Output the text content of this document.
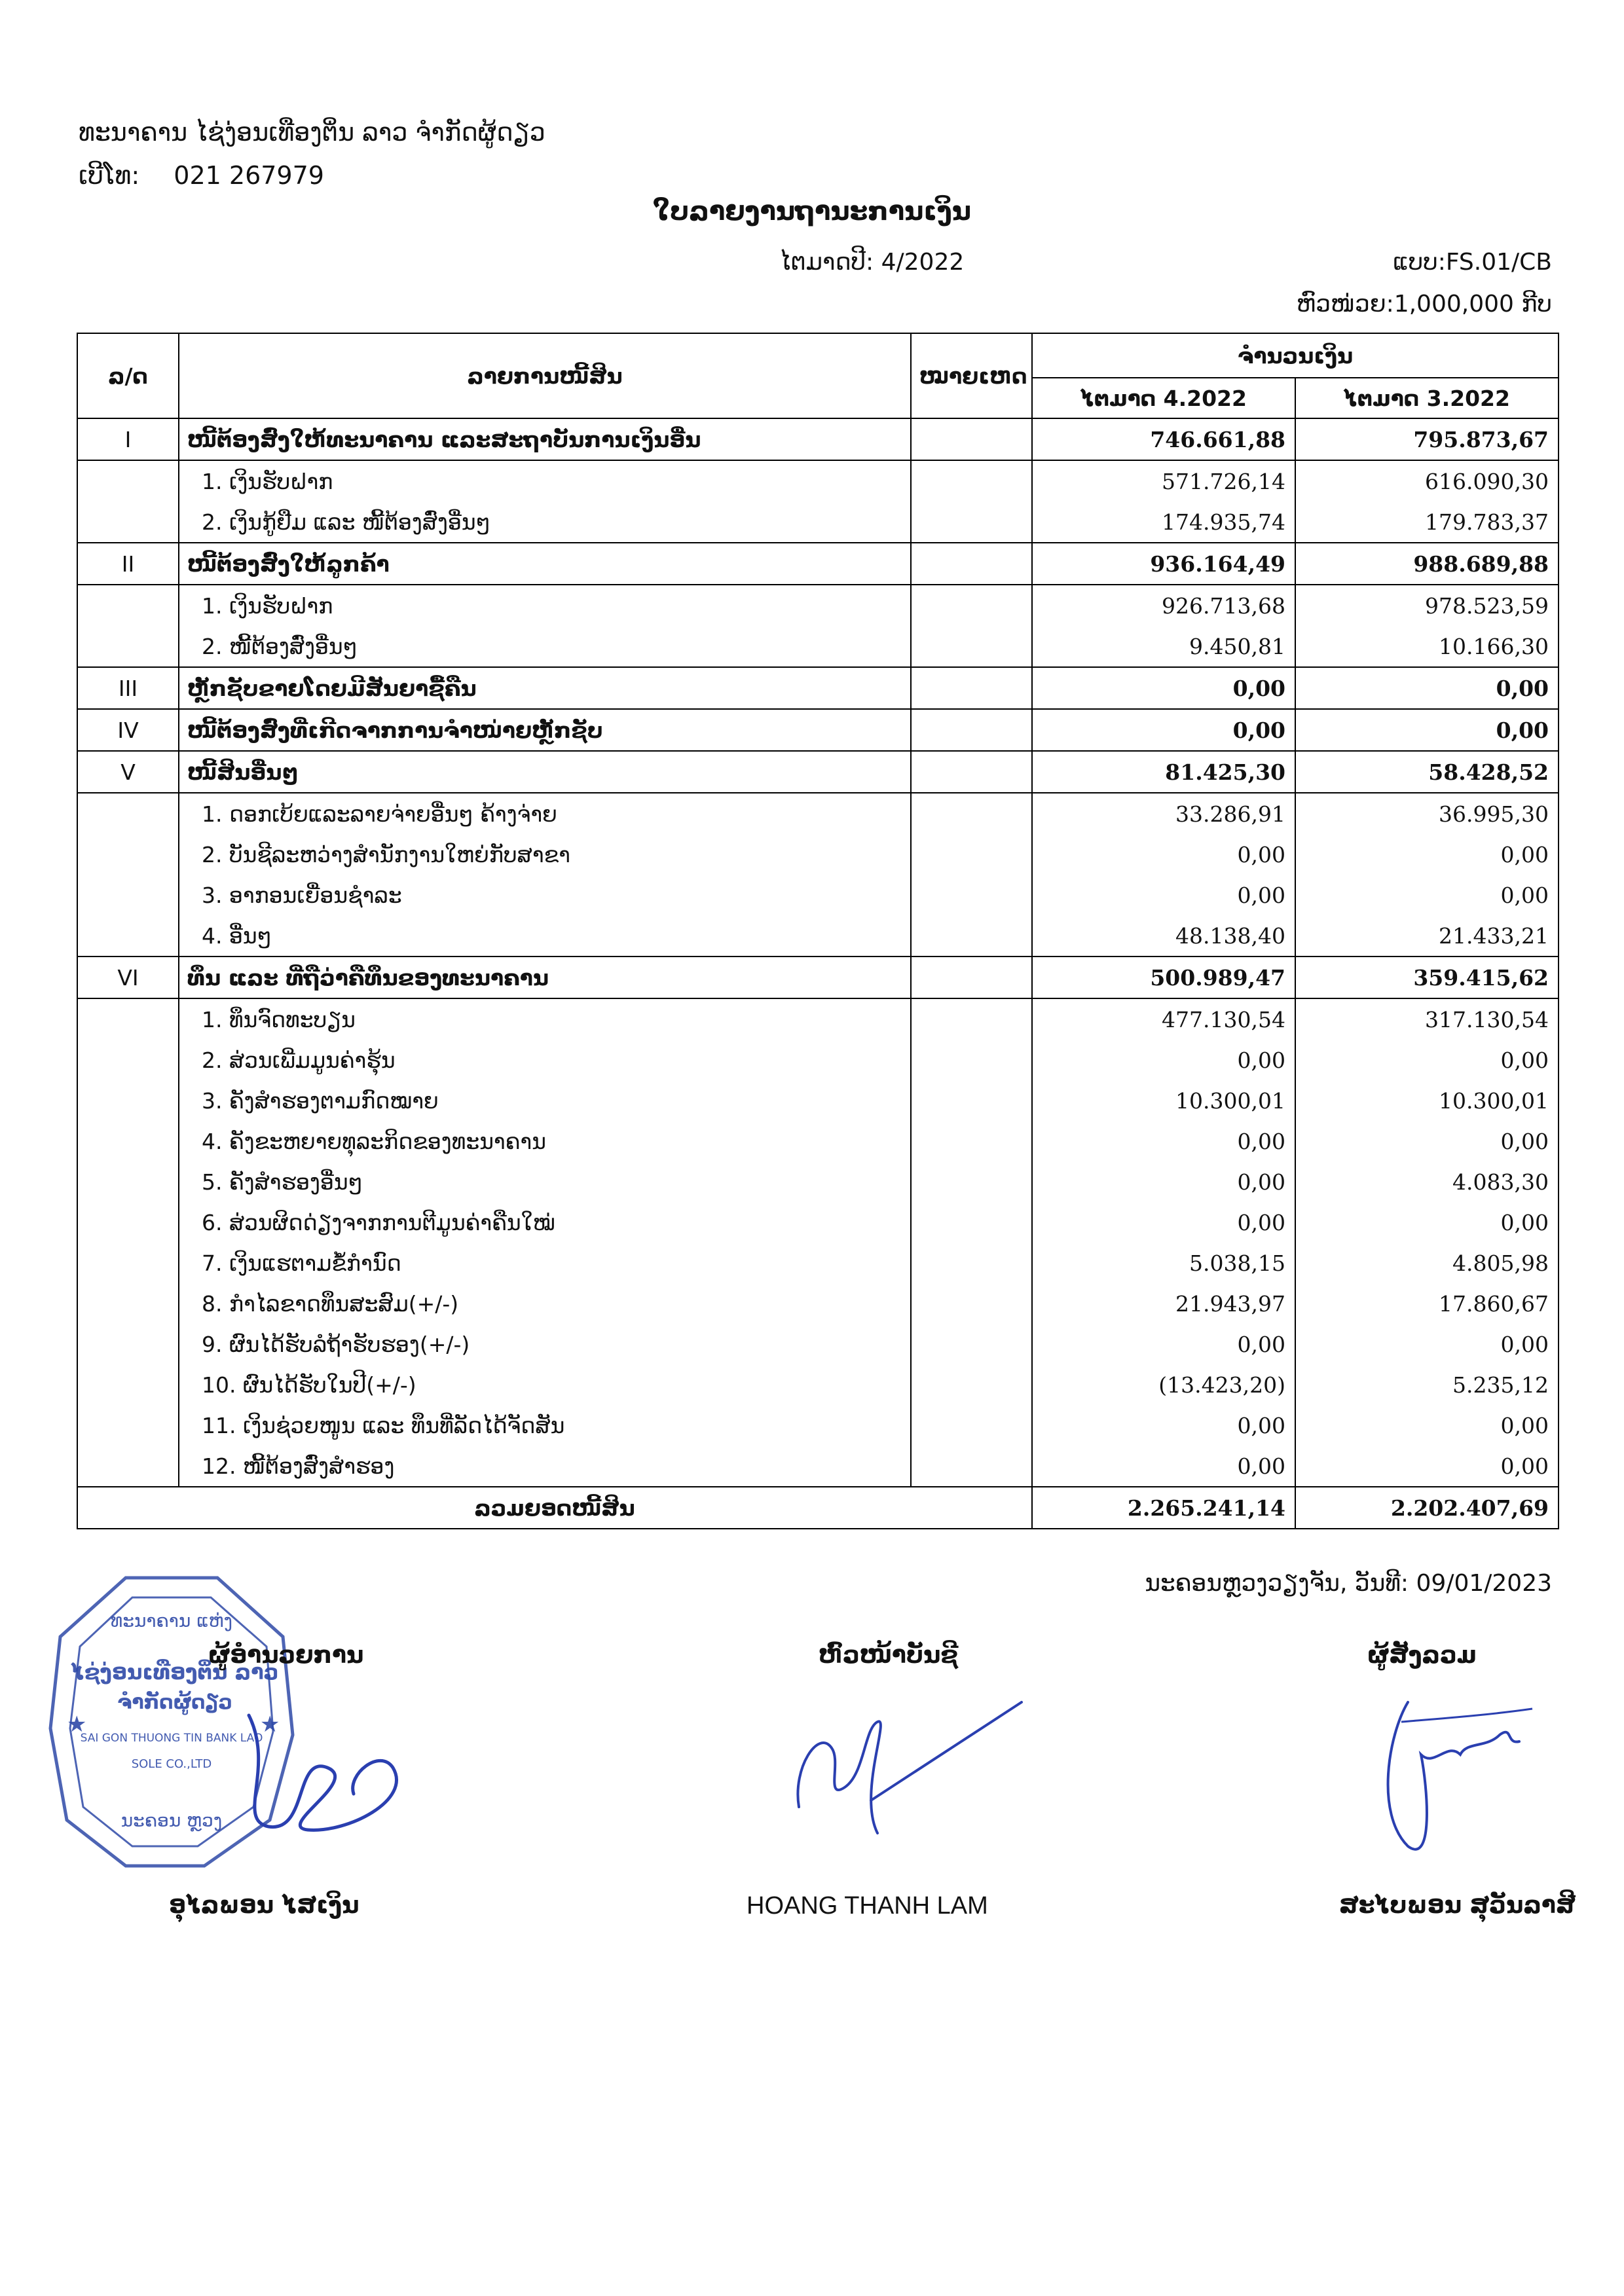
ທະນາຄານ ໄຊ່ງ່ອນເທືອງຕິ່ນ ລາວ ຈຳກັດຜູ້ດຽວ
ເບີໂທ: 021 267979
ໃບລາຍງານຖານະການເງິນ
ໄຕມາດປີ: 4/2022	ແບບ:FS.01/CB
ຫົວໜ່ວຍ:1,000,000 ກີບ
ລ/ດ	ລາຍການໜີ້ສິນ	ໝາຍເຫດ	ຈຳນວນເງິນ	
			ໄຕມາດ 4.2022	ໄຕມາດ 3.2022
I	ໜີ້ຕ້ອງສົ່ງໃຫ້ທະນາຄານ ແລະສະຖາບັນການເງິນອື່ນ		746.661,88	795.873,67
	1. ເງິນຮັບຝາກ		571.726,14	616.090,30
	2. ເງິນກູ້ຢືມ ແລະ ໜີ້ຕ້ອງສົ່ງອື່ນໆ		174.935,74	179.783,37
II	ໜີ້ຕ້ອງສົ່ງໃຫ້ລູກຄ້າ		936.164,49	988.689,88
	1. ເງິນຮັບຝາກ		926.713,68	978.523,59
	2. ໜີ້ຕ້ອງສົ່ງອື່ນໆ		9.450,81	10.166,30
III	ຫຼັກຊັບຂາຍໂດຍມີສັນຍາຊື້ຄືນ		0,00	0,00
IV	ໜີ້ຕ້ອງສົ່ງທີ່ເກີດຈາກການຈຳໜ່າຍຫຼັກຊັບ		0,00	0,00
V	ໜີ້ສິນອື່ນໆ		81.425,30	58.428,52
	1. ດອກເບ້ຍແລະລາຍຈ່າຍອື່ນໆ ຄ້າງຈ່າຍ		33.286,91	36.995,30
	2. ບັນຊີລະຫວ່າງສຳນັກງານໃຫຍ່ກັບສາຂາ		0,00	0,00
	3. ອາກອນເຍື່ອນຊຳລະ		0,00	0,00
	4. ອື່ນໆ		48.138,40	21.433,21
VI	ທຶນ ແລະ ທີ່ຖືວ່າຄືທຶນຂອງທະນາຄານ		500.989,47	359.415,62
	1. ທຶນຈົດທະບຽນ		477.130,54	317.130,54
	2. ສ່ວນເພີ່ມມູນຄ່າຮຸ້ນ		0,00	0,00
	3. ຄັງສຳຮອງຕາມກົດໝາຍ		10.300,01	10.300,01
	4. ຄັງຂະຫຍາຍທຸລະກິດຂອງທະນາຄານ		0,00	0,00
	5. ຄັງສຳຮອງອື່ນໆ		0,00	4.083,30
	6. ສ່ວນຜິດດ່ຽງຈາກການຕີມູນຄ່າຄືນໃໝ່		0,00	0,00
	7. ເງິນແຮຕາມຂໍ້ກຳນົດ		5.038,15	4.805,98
	8. ກຳໄລຂາດທຶນສະສົມ(+/-)		21.943,97	17.860,67
	9. ຜົນໄດ້ຮັບລໍຖ້າຮັບຮອງ(+/-)		0,00	0,00
	10. ຜົນໄດ້ຮັບໃນປີ(+/-)		(13.423,20)	5.235,12
	11. ເງິນຊ່ວຍໜູນ ແລະ ທຶນທີ່ລັດໄດ້ຈັດສັນ		0,00	0,00
	12. ໜີ້ຕ້ອງສົ່ງສຳຮອງ		0,00	0,00
ລວມຍອດໜີ້ສິນ			2.265.241,14	2.202.407,69
ນະຄອນຫຼວງວຽງຈັນ, ວັນທີ: 09/01/2023
ທະນາຄານ ແຫ່ງ
ໄຊ່ງ່ອນເທືອງຕິ່ນ ລາວ
ຈຳກັດຜູ້ດຽວ
SAI GON THUONG TIN BANK LAO
SOLE CO.,LTD
ນະຄອນ ຫຼວງ
★	★
ຜູ້ອຳນວຍການ
ອຸໄລພອນ ໄສເງິນ
ຫົວໜ້າບັນຊີ
HOANG THANH LAM
ຜູ້ສັງລວມ
ສະໄບພອນ ສຸວັນລາສີ
